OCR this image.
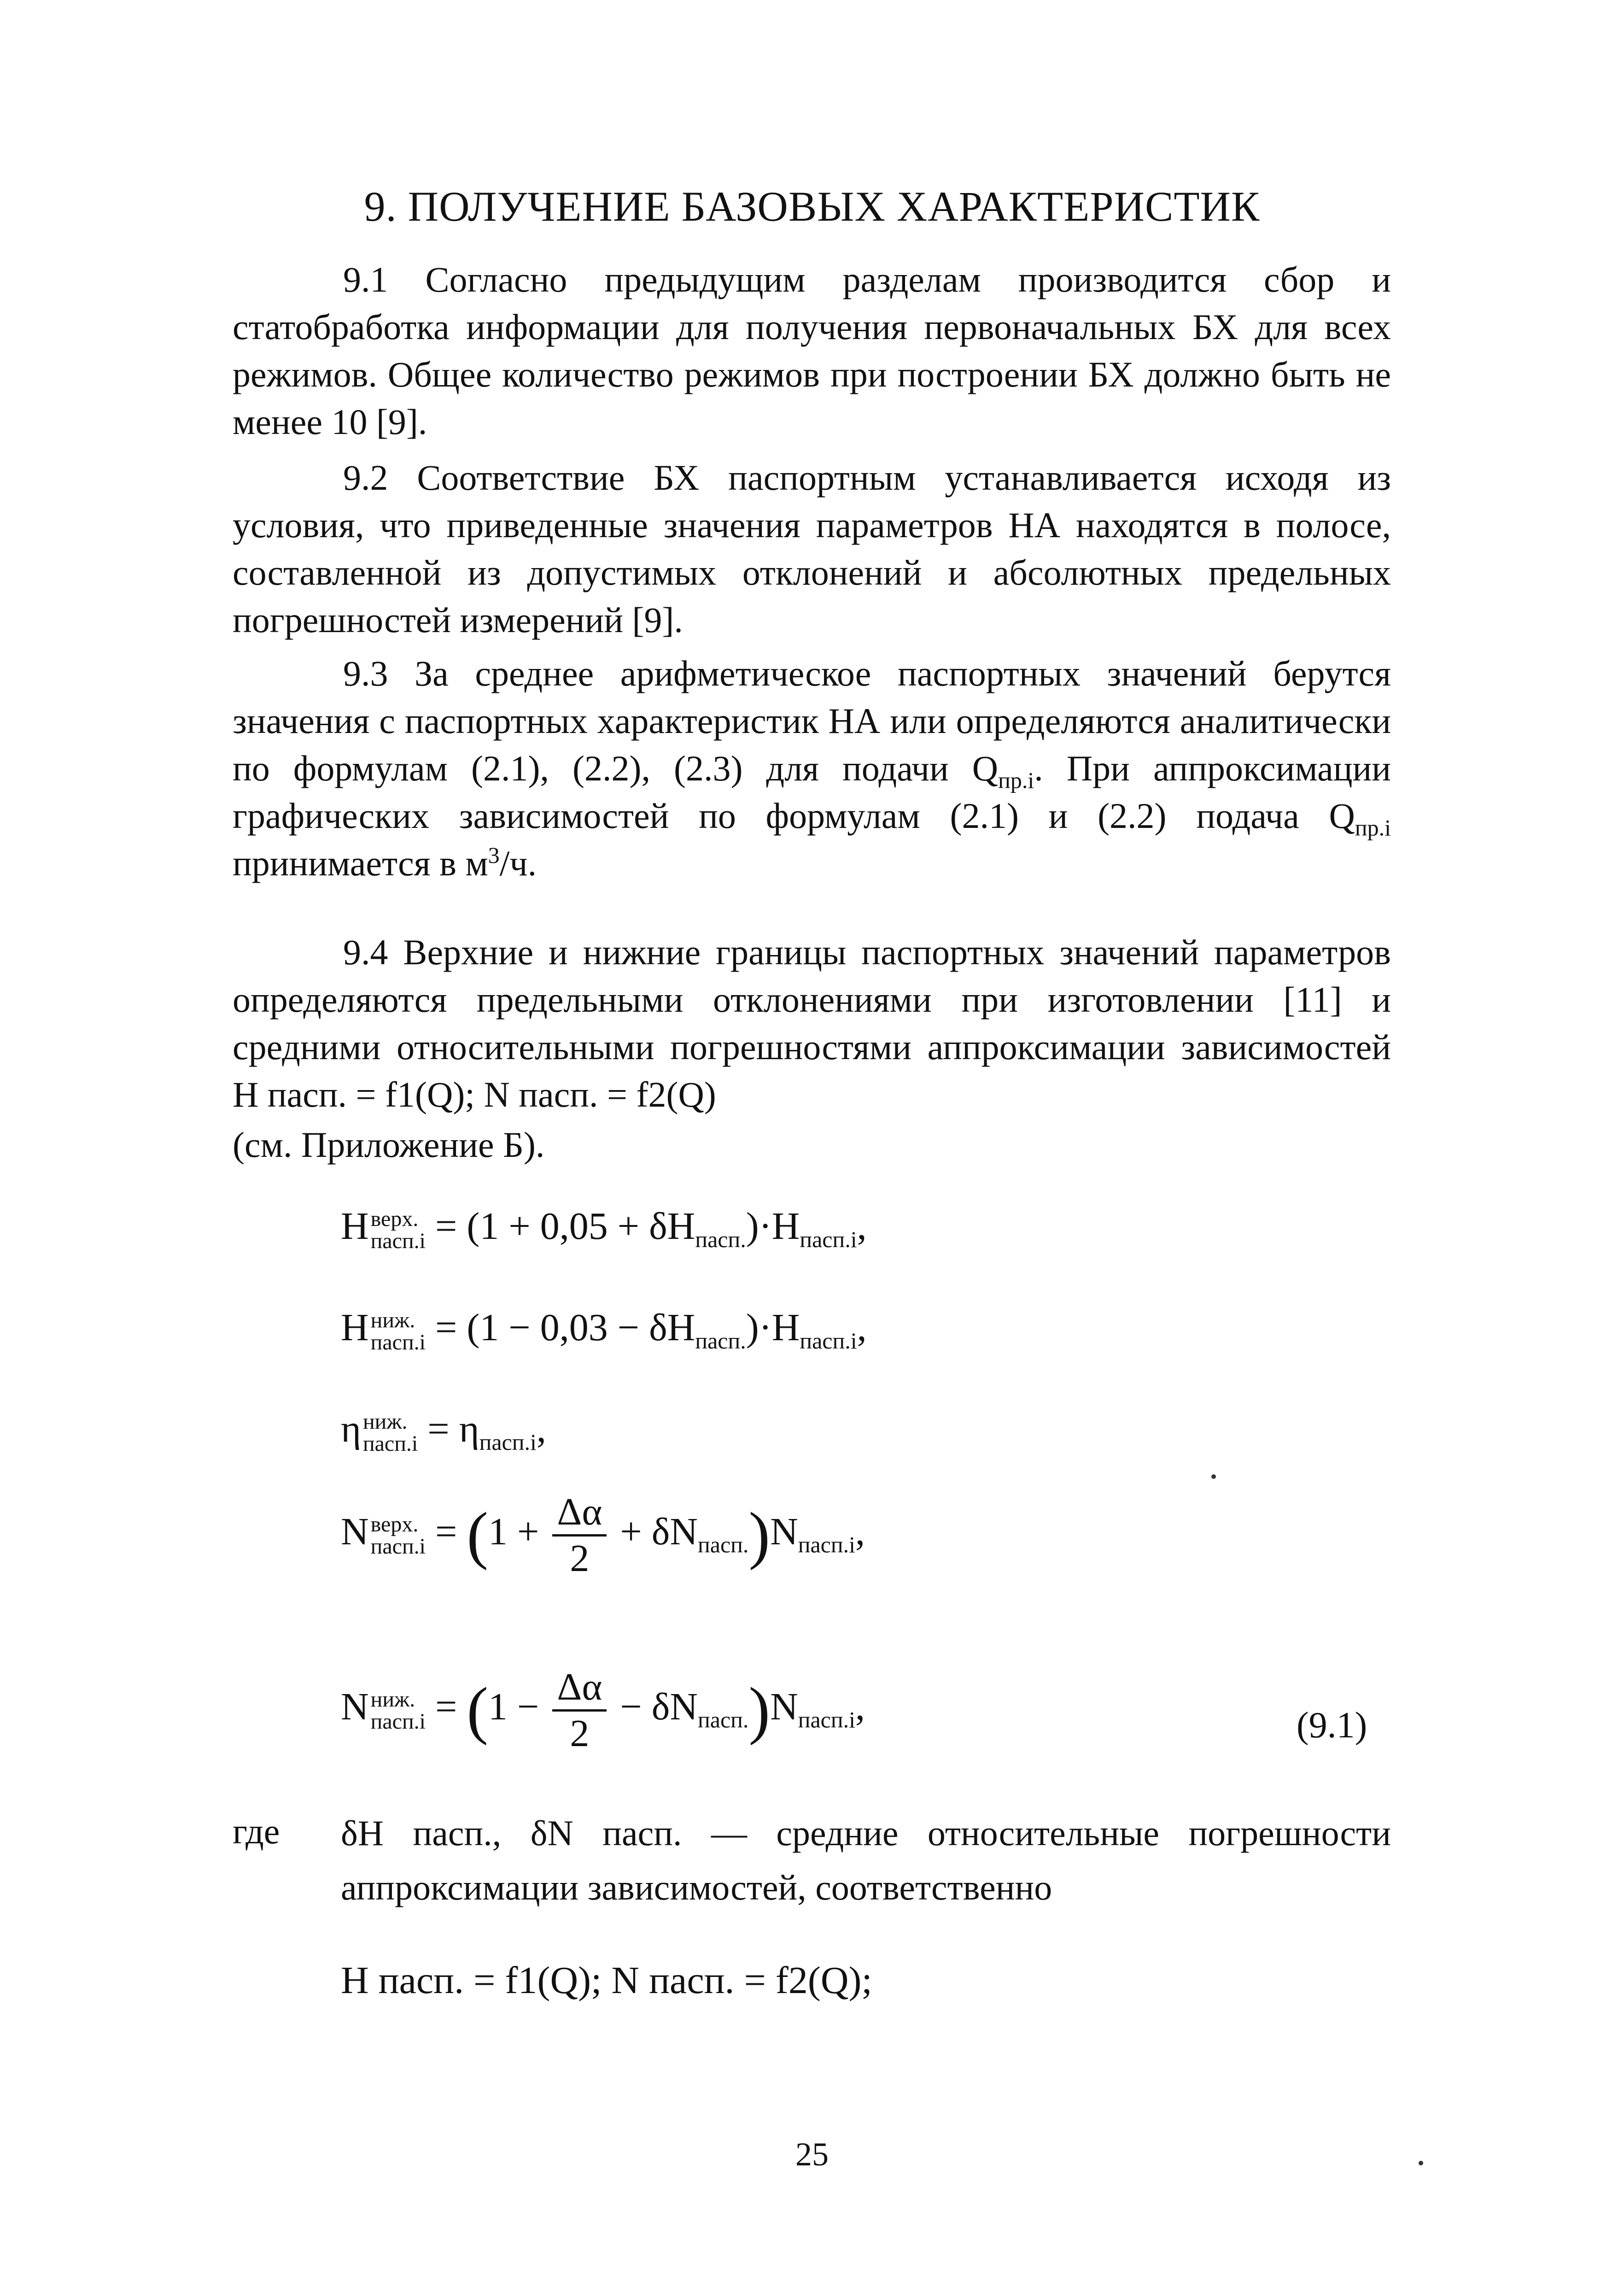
9. ПОЛУЧЕНИЕ БАЗОВЫХ ХАРАКТЕРИСТИК

9.1 Согласно предыдущим разделам производится сбор и статобработка информации для получения первоначальных БХ для всех режимов. Общее количество режимов при построении БХ должно быть не менее 10 [9].

9.2 Соответствие БХ паспортным устанавливается исходя из условия, что приведенные значения параметров НА находятся в полосе, составленной из допустимых отклонений и абсолютных предельных погрешностей измерений [9].

9.3 За среднее арифметическое паспортных значений берутся значения с паспортных характеристик НА или определяются аналитически по формулам (2.1), (2.2), (2.3) для подачи $Q_{пр.i}$. При аппроксимации графических зависимостей по формулам (2.1) и (2.2) подача $Q_{пр.i}$ принимается в $м^3/ч$.

9.4 Верхние и нижние границы паспортных значений параметров определяются предельными отклонениями при изготовлении [11] и средними относительными погрешностями аппроксимации зависимостей H паcп. = f1(Q); N паcп. = f2(Q)

(см. Приложение Б).
H верх.
пасп.i = $(1 + 0,05 + \delta H_{пасп.})\cdot H_{пасп.i}$,
H ниж.
пасп.i = $(1 - 0,03 - \delta H_{пасп.})\cdot H_{пасп.i}$,
η ниж.
пасп.i = $\eta_{пасп.i}$,
N верх.
пасп.i = $(1 + \frac{\Delta\alpha}{2} + \delta N_{пасп.})N_{пасп.i}$,
N ниж.
пасп.i = $(1 - \frac{\Delta\alpha}{2} - \delta N_{пасп.})N_{пасп.i}$,	(9.1)
где δH пасп., δN пасп. — средние относительные погрешности аппроксимации зависимостей, соответственно

H пасп. = f1(Q); N пасп. = f2(Q);
25
